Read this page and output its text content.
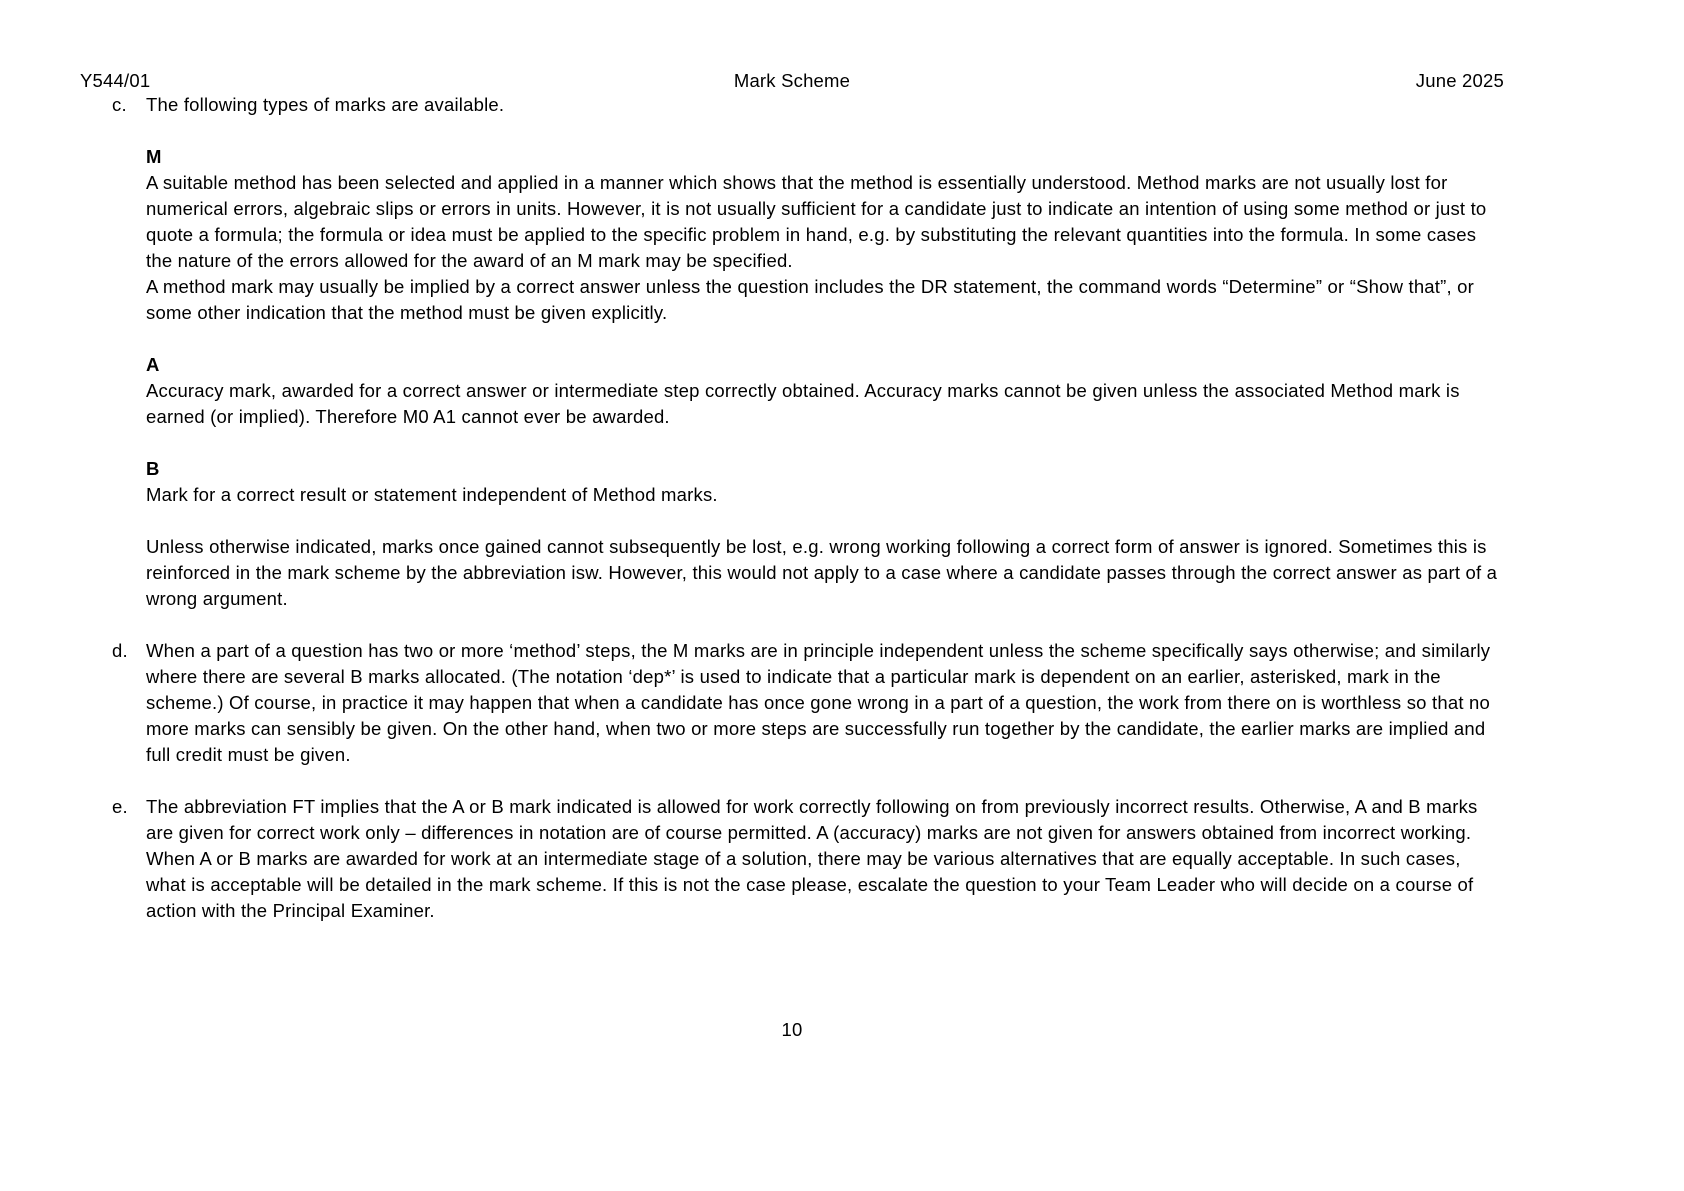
Y544/01	Mark Scheme	June 2025
c.	The following types of marks are available.

M

A suitable method has been selected and applied in a manner which shows that the method is essentially understood. Method marks are not usually lost for numerical errors, algebraic slips or errors in units. However, it is not usually sufficient for a candidate just to indicate an intention of using some method or just to quote a formula; the formula or idea must be applied to the specific problem in hand, e.g. by substituting the relevant quantities into the formula. In some cases the nature of the errors allowed for the award of an M mark may be specified.

A method mark may usually be implied by a correct answer unless the question includes the DR statement, the command words “Determine” or “Show that”, or some other indication that the method must be given explicitly.

A

Accuracy mark, awarded for a correct answer or intermediate step correctly obtained. Accuracy marks cannot be given unless the associated Method mark is earned (or implied). Therefore M0 A1 cannot ever be awarded.

B

Mark for a correct result or statement independent of Method marks.

Unless otherwise indicated, marks once gained cannot subsequently be lost, e.g. wrong working following a correct form of answer is ignored. Sometimes this is reinforced in the mark scheme by the abbreviation isw. However, this would not apply to a case where a candidate passes through the correct answer as part of a wrong argument.

d. When a part of a question has two or more ‘method’ steps, the M marks are in principle independent unless the scheme specifically says otherwise; and similarly where there are several B marks allocated. (The notation ‘dep*’ is used to indicate that a particular mark is dependent on an earlier, asterisked, mark in the scheme.) Of course, in practice it may happen that when a candidate has once gone wrong in a part of a question, the work from there on is worthless so that no more marks can sensibly be given. On the other hand, when two or more steps are successfully run together by the candidate, the earlier marks are implied and full credit must be given.

e. The abbreviation FT implies that the A or B mark indicated is allowed for work correctly following on from previously incorrect results. Otherwise, A and B marks are given for correct work only – differences in notation are of course permitted. A (accuracy) marks are not given for answers obtained from incorrect working. When A or B marks are awarded for work at an intermediate stage of a solution, there may be various alternatives that are equally acceptable. In such cases, what is acceptable will be detailed in the mark scheme. If this is not the case please, escalate the question to your Team Leader who will decide on a course of action with the Principal Examiner.

10
